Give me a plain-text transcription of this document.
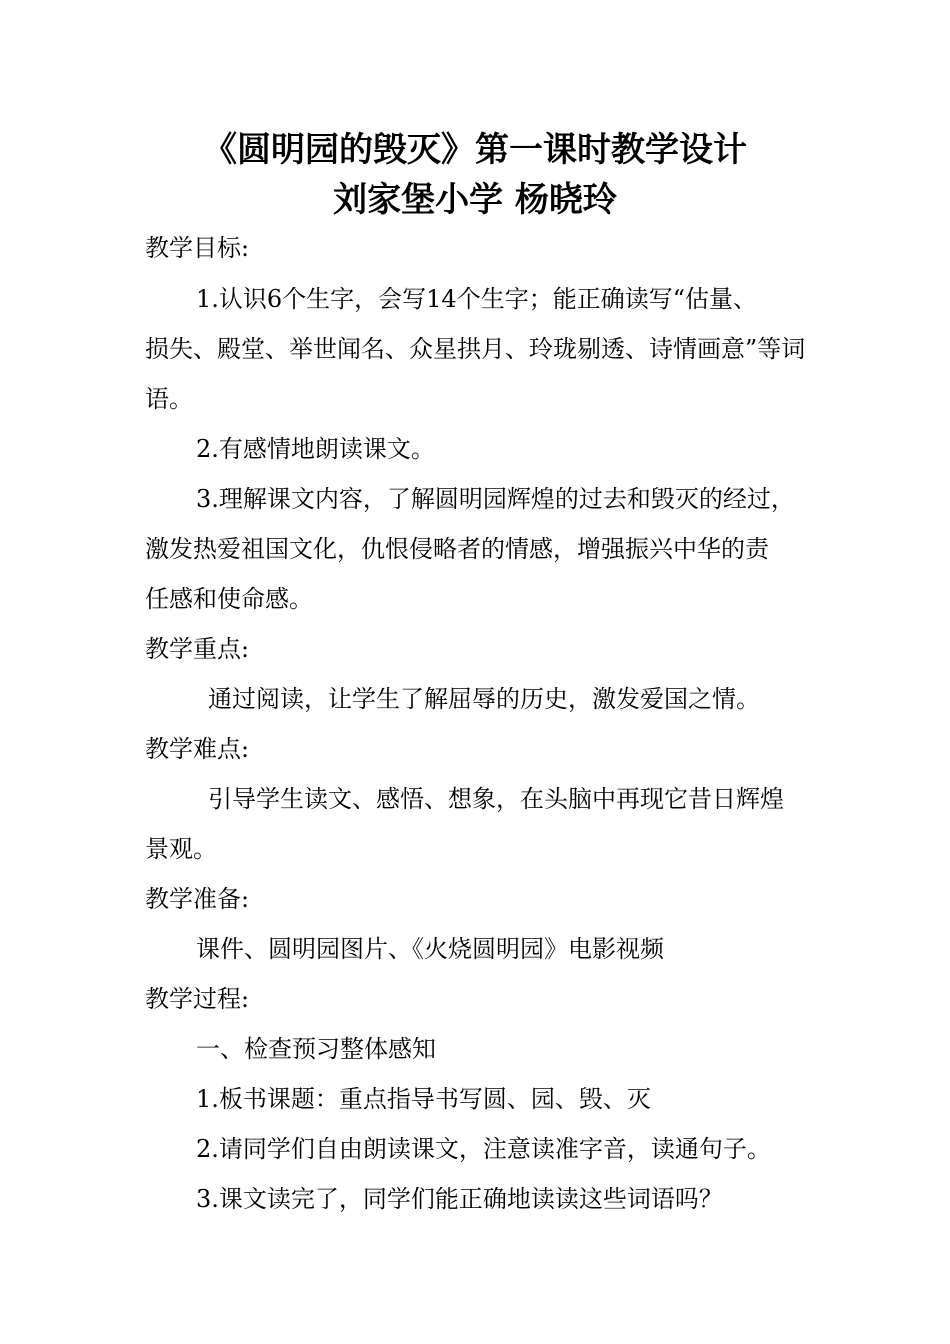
《圆明园的毁灭》第一课时教学设计
刘家堡小学 杨晓玲
教学目标:
1.认识6个生字，会写14个生字；能正确读写“估量、
损失、殿堂、举世闻名、众星拱月、玲珑剔透、诗情画意”等词
语。
2.有感情地朗读课文。
3.理解课文内容，了解圆明园辉煌的过去和毁灭的经过，
激发热爱祖国文化，仇恨侵略者的情感，增强振兴中华的责
任感和使命感。
教学重点:
通过阅读，让学生了解屈辱的历史，激发爱国之情。
教学难点:
引导学生读文、感悟、想象，在头脑中再现它昔日辉煌
景观。
教学准备:
课件、圆明园图片、《火烧圆明园》电影视频
教学过程:
一、检查预习整体感知
1.板书课题：重点指导书写圆、园、毁、灭
2.请同学们自由朗读课文，注意读准字音，读通句子。
3.课文读完了，同学们能正确地读读这些词语吗？
